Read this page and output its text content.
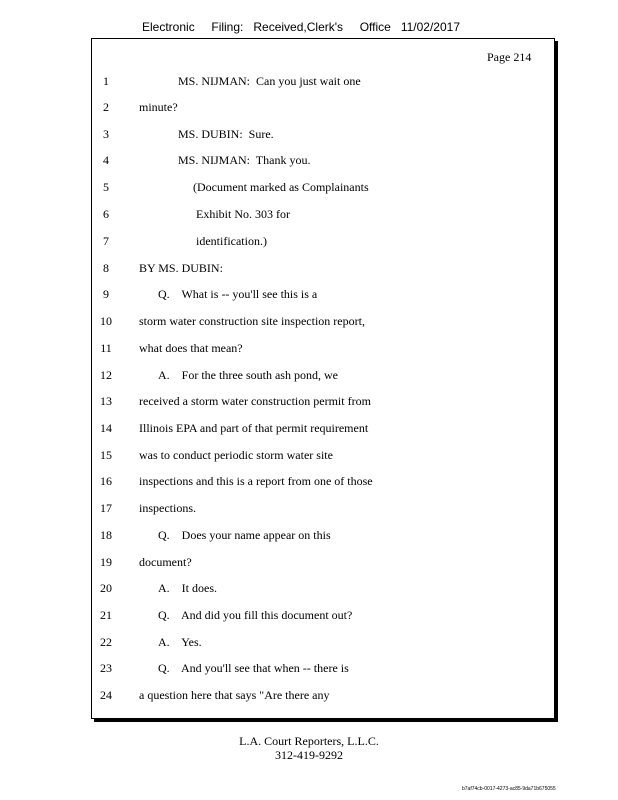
Electronic     Filing:   Received,Clerk's     Office   11/02/2017
Page 214
1	MS. NIJMAN:  Can you just wait one
2	minute?
3	MS. DUBIN:  Sure.
4	MS. NIJMAN:  Thank you.
5	(Document marked as Complainants
6	Exhibit No. 303 for
7	identification.)
8	BY MS. DUBIN:
9	Q.    What is -- you'll see this is a
10	storm water construction site inspection report,
11	what does that mean?
12	A.    For the three south ash pond, we
13	received a storm water construction permit from
14	Illinois EPA and part of that permit requirement
15	was to conduct periodic storm water site
16	inspections and this is a report from one of those
17	inspections.
18	Q.    Does your name appear on this
19	document?
20	A.    It does.
21	Q.    And did you fill this document out?
22	A.    Yes.
23	Q.    And you'll see that when -- there is
24	a question here that says "Are there any
L.A. Court Reporters, L.L.C.
312-419-9292
b7af74cb-0017-4273-ac85-9da71b675055
